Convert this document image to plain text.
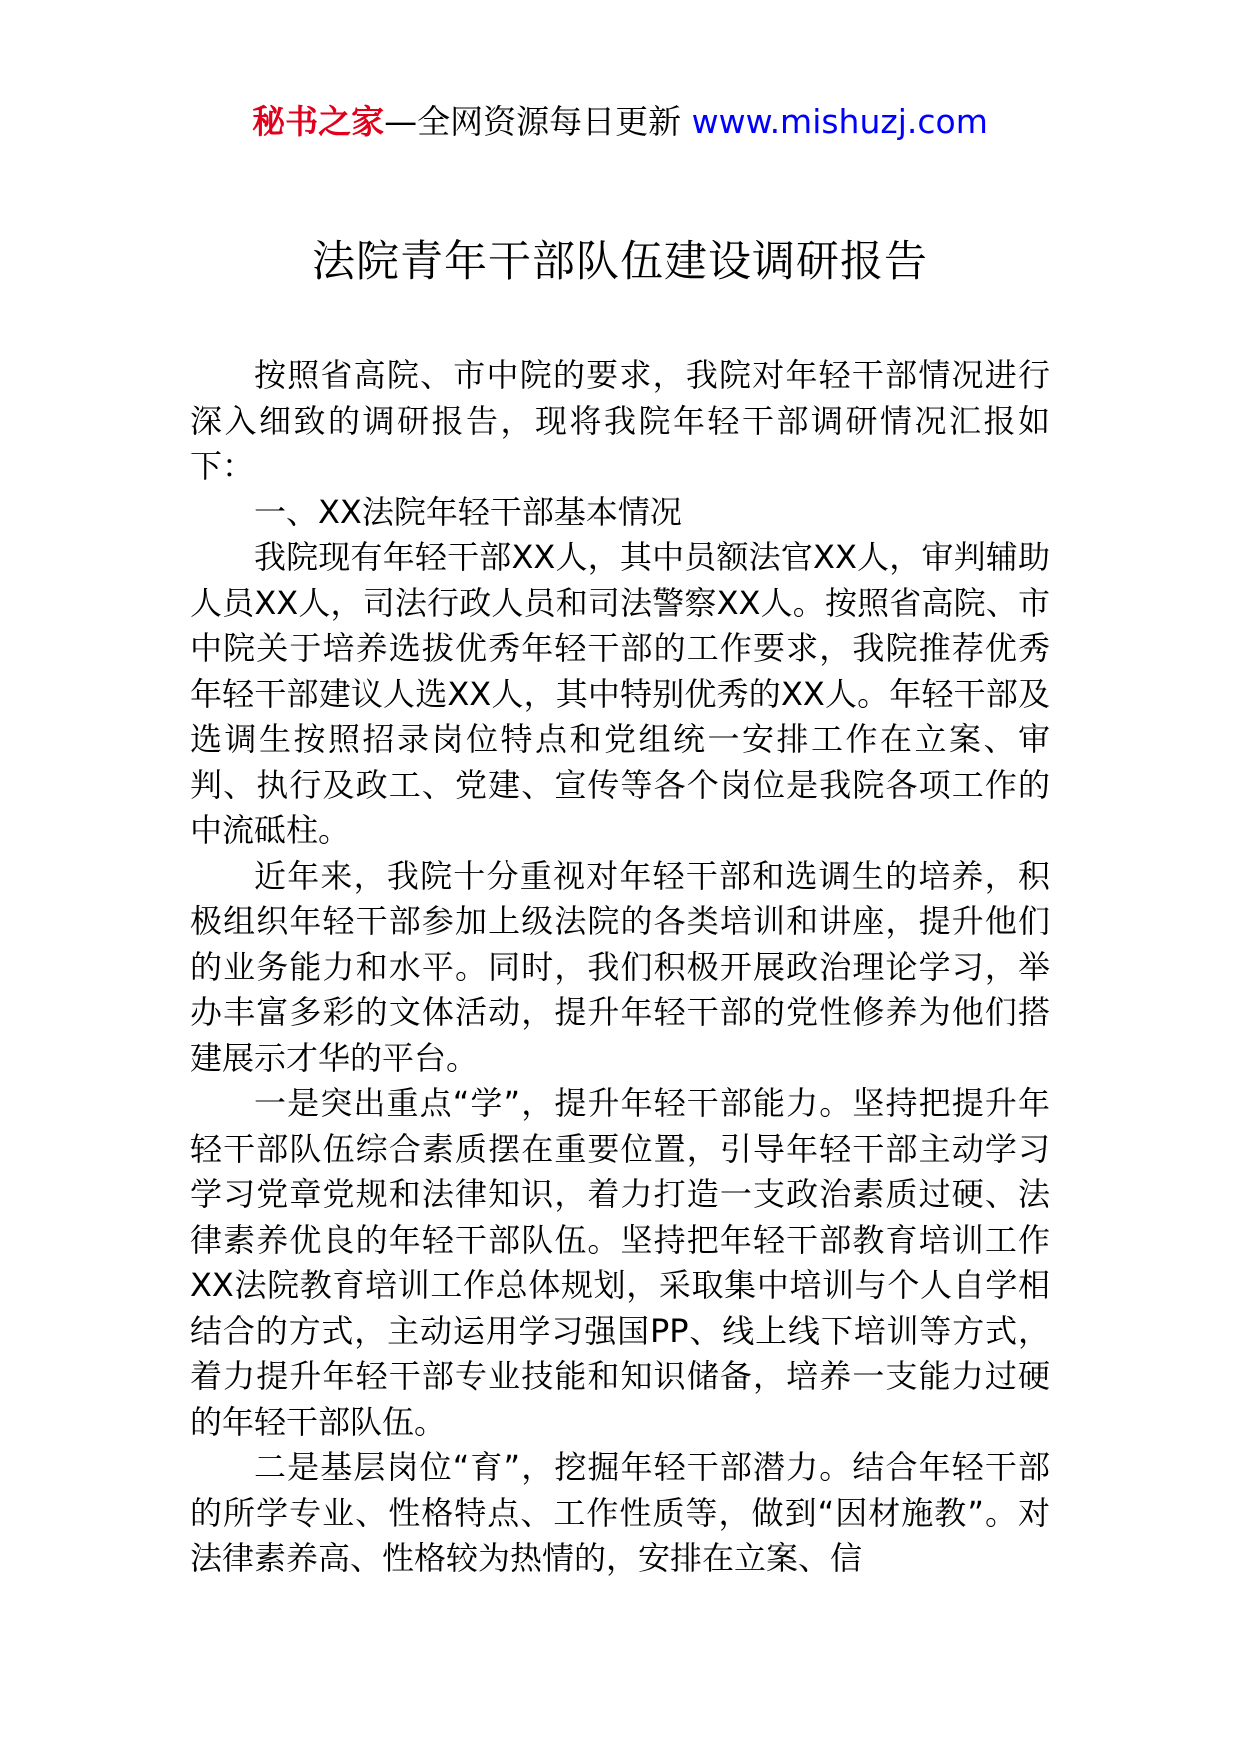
秘书之家—全网资源每日更新 www.mishuzj.com
法院青年干部队伍建设调研报告

按照省高院、市中院的要求，我院对年轻干部情况进行深入细致的调研报告，现将我院年轻干部调研情况汇报如下：

一、XX法院年轻干部基本情况

我院现有年轻干部XX人，其中员额法官XX人，审判辅助人员XX人，司法行政人员和司法警察XX人。按照省高院、市中院关于培养选拔优秀年轻干部的工作要求，我院推荐优秀年轻干部建议人选XX人，其中特别优秀的XX人。年轻干部及选调生按照招录岗位特点和党组统一安排工作在立案、审判、执行及政工、党建、宣传等各个岗位是我院各项工作的中流砥柱。

近年来，我院十分重视对年轻干部和选调生的培养，积极组织年轻干部参加上级法院的各类培训和讲座，提升他们的业务能力和水平。同时，我们积极开展政治理论学习，举办丰富多彩的文体活动，提升年轻干部的党性修养为他们搭建展示才华的平台。

一是突出重点“学”，提升年轻干部能力。坚持把提升年轻干部队伍综合素质摆在重要位置，引导年轻干部主动学习学习党章党规和法律知识，着力打造一支政治素质过硬、法律素养优良的年轻干部队伍。坚持把年轻干部教育培训工作XX法院教育培训工作总体规划，采取集中培训与个人自学相结合的方式，主动运用学习强国PP、线上线下培训等方式，着力提升年轻干部专业技能和知识储备，培养一支能力过硬的年轻干部队伍。

二是基层岗位“育”，挖掘年轻干部潜力。结合年轻干部的所学专业、性格特点、工作性质等，做到“因材施教”。对法律素养高、性格较为热情的，安排在立案、信
